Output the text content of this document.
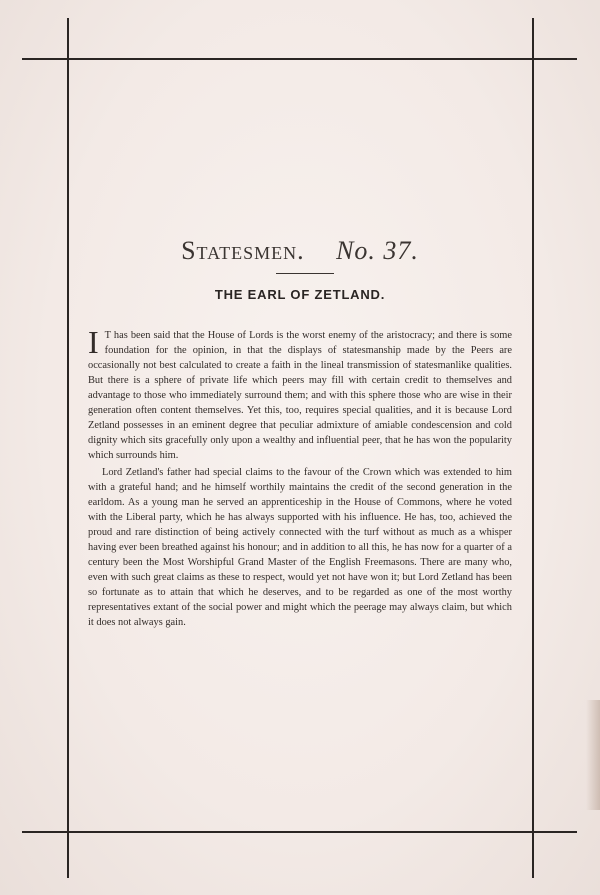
Statesmen. No. 37.
THE EARL OF ZETLAND.

I T has been said that the House of Lords is the worst enemy of the aristocracy; and there is some foundation for the opinion, in that the displays of statesmanship made by the Peers are occasionally not best calculated to create a faith in the lineal transmission of statesmanlike qualities. But there is a sphere of private life which peers may fill with certain credit to themselves and advantage to those who immediately surround them; and with this sphere those who are wise in their generation often content themselves. Yet this, too, requires special qualities, and it is because Lord Zetland possesses in an eminent degree that peculiar admixture of amiable condescension and cold dignity which sits gracefully only upon a wealthy and influential peer, that he has won the popularity which surrounds him.

Lord Zetland's father had special claims to the favour of the Crown which was extended to him with a grateful hand; and he himself worthily maintains the credit of the second generation in the earldom. As a young man he served an apprenticeship in the House of Commons, where he voted with the Liberal party, which he has always supported with his influence. He has, too, achieved the proud and rare distinction of being actively connected with the turf without as much as a whisper having ever been breathed against his honour; and in addition to all this, he has now for a quarter of a century been the Most Worshipful Grand Master of the English Freemasons. There are many who, even with such great claims as these to respect, would yet not have won it; but Lord Zetland has been so fortunate as to attain that which he deserves, and to be regarded as one of the most worthy representatives extant of the social power and might which the peerage may always claim, but which it does not always gain.
